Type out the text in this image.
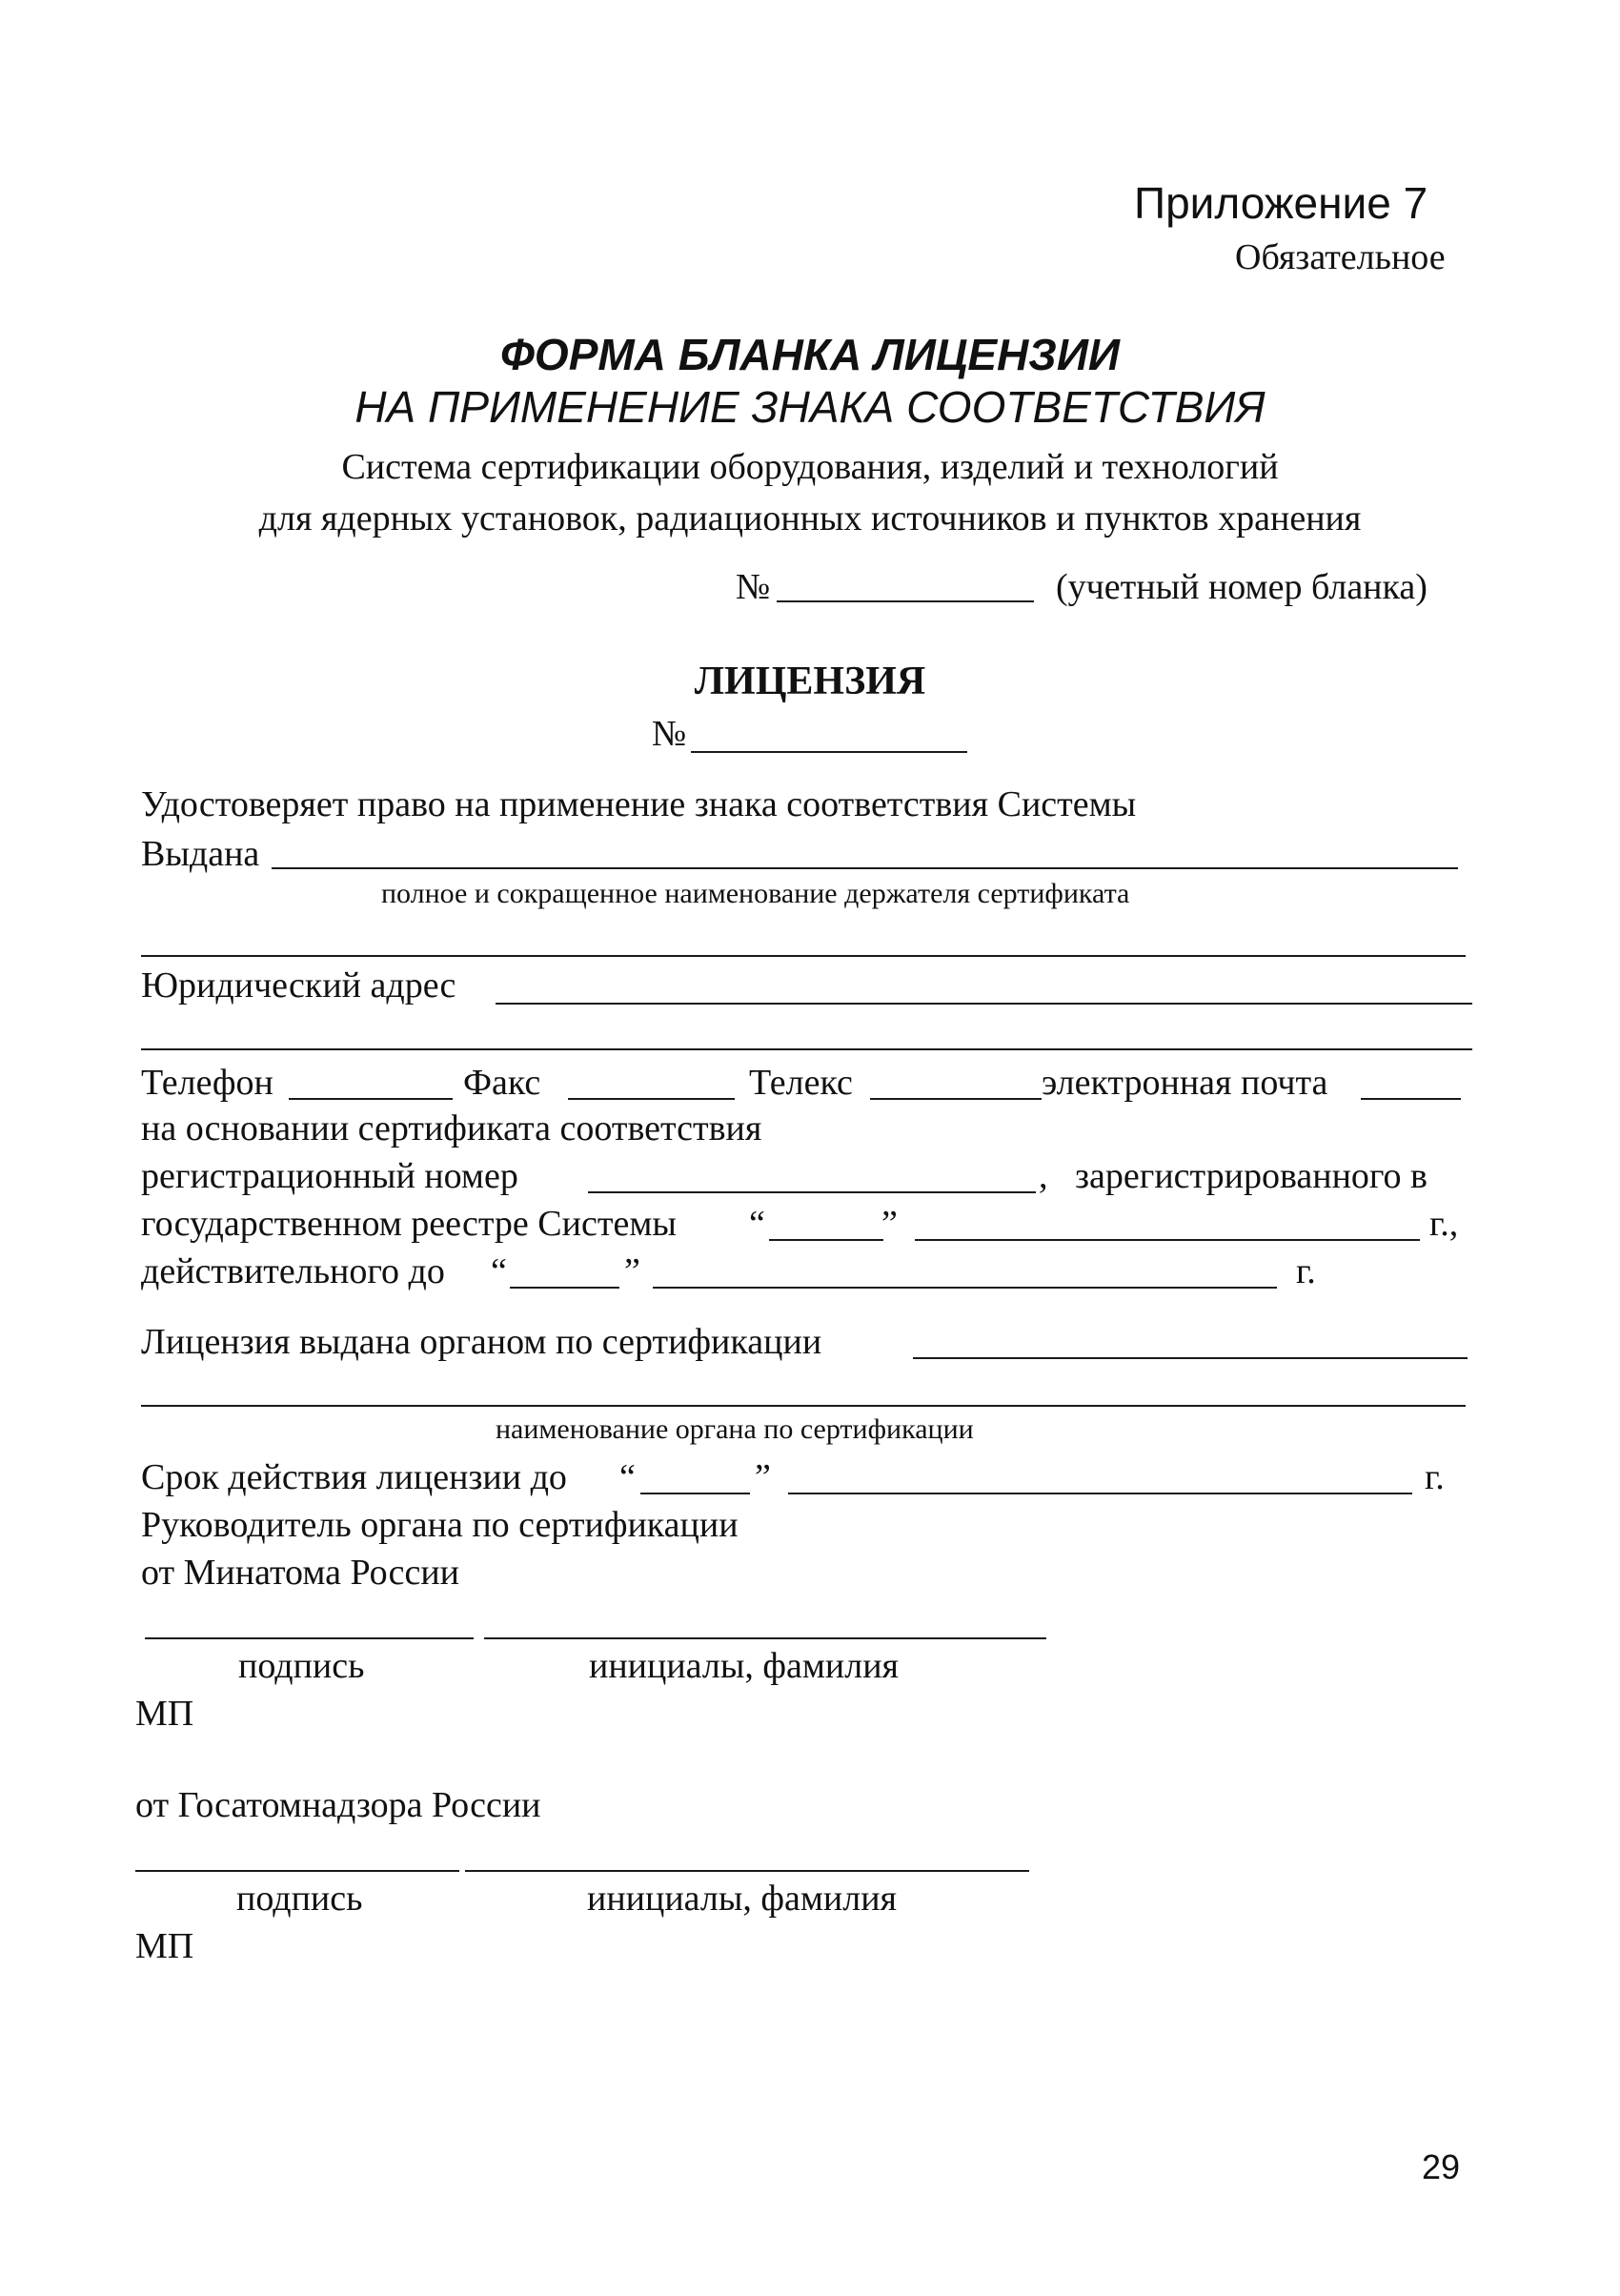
Приложение 7
Обязательное
ФОРМА БЛАНКА ЛИЦЕНЗИИ
НА ПРИМЕНЕНИЕ ЗНАКА СООТВЕТСТВИЯ
Система сертификации оборудования, изделий и технологий
для ядерных установок, радиационных источников и пунктов хранения
№	(учетный номер бланка)
ЛИЦЕНЗИЯ
№
Удостоверяет право на применение знака соответствия Системы
Выдана
полное и сокращенное наименование держателя сертификата
Юридический адрес
Телефон	Факс	Телекс	электронная почта
на основании сертификата соответствия
регистрационный номер	, зарегистрированного в
государственном реестре Системы “	”	г.,
действительного до “	”	г.
Лицензия выдана органом по сертификации
наименование органа по сертификации
Срок действия лицензии до “	”	г.
Руководитель органа по сертификации
от Минатома России
подпись	инициалы, фамилия
МП
от Госатомнадзора России
подпись	инициалы, фамилия
МП
29
